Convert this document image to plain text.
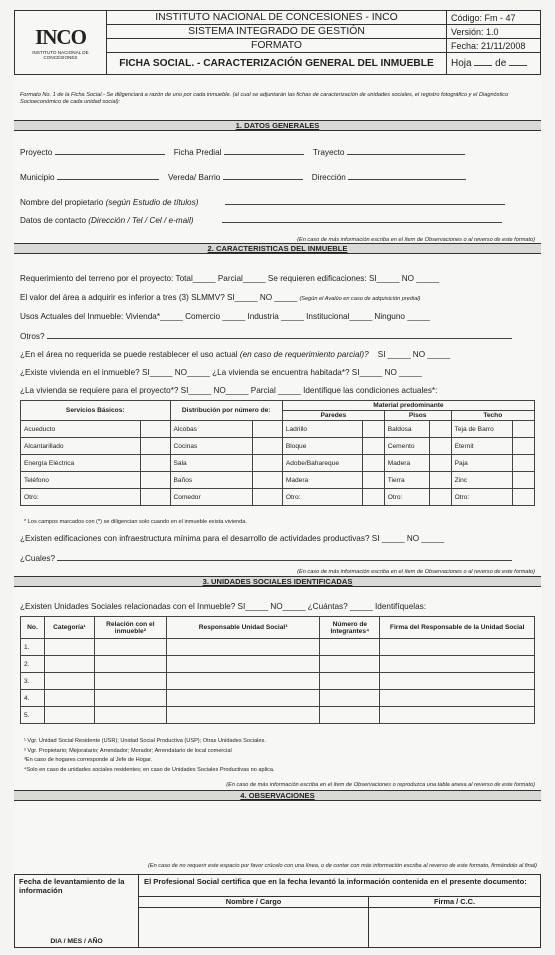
INCO
INSTITUTO NACIONAL DE CONCESIONES	INSTITUTO NACIONAL DE CONCESIONES - INCO	Código: Fm - 47
	SISTEMA INTEGRADO DE GESTIÓN	Versión: 1.0
	FORMATO	Fecha: 21/11/2008
	FICHA SOCIAL. - CARACTERIZACIÓN GENERAL DEL INMUEBLE	Hoja de
Formato No. 1 de la Ficha Social.- Se diligenciará a razón de uno por cada inmueble. (al cual se adjuntarán las fichas de caracterización de unidades sociales, el registro fotográfico y el Diagnóstico Socioeconómico de cada unidad social):
1. DATOS GENERALES
Proyecto	Ficha Predial	Trayecto
Municipio	Vereda/ Barrio	Dirección
Nombre del propietario (según Estudio de títulos)
Datos de contacto (Dirección / Tel / Cel / e-mail)
(En caso de más información escriba en el ítem de Observaciones o al reverso de este formato)
2. CARACTERISTICAS DEL INMUEBLE
Requerimiento del terreno por el proyecto: Total_____ Parcial_____ Se requieren edificaciones: SI_____ NO _____
El valor del área a adquirir es inferior a tres (3) SLMMV? SI_____ NO _____ (Según el Avalúo en caso de adquisición predial)
Usos Actuales del Inmueble: Vivienda*_____ Comercio _____ Industria _____ Institucional_____ Ninguno _____
Otros?
¿En el área no requerida se puede restablecer el uso actual (en caso de requerimiento parcial)? SI _____ NO _____
¿Existe vivienda en el inmueble? SI_____ NO_____ ¿La vivienda se encuentra habitada*? SI_____ NO _____
¿La vivienda se requiere para el proyecto*? SI_____ NO_____ Parcial _____ Identifique las condiciones actuales*:
Servicios Básicos:		Distribución por número de:		Material predominante					
				Paredes		Pisos		Techo	
Acueducto		Alcobas		Ladrillo		Baldosa		Teja de Barro	
Alcantarillado		Cocinas		Bloque		Cemento		Eternit	
Energía Eléctrica		Sala		Adobe/Bahareque		Madera		Paja	
Teléfono		Baños		Madera		Tierra		Zinc	
Otro:		Comedor		Otro:		Otro:		Otro:	
* Los campos marcados con (*) se diligencian solo cuando en el inmueble exista vivienda.
¿Existen edificaciones con infraestructura mínima para el desarrollo de actividades productivas? SI _____ NO _____
¿Cuales?
(En caso de más información escriba en el ítem de Observaciones o al reverso de este formato)
3. UNIDADES SOCIALES IDENTIFICADAS
¿Existen Unidades Sociales relacionadas con el Inmueble? SI_____ NO_____ ¿Cuántas? _____ Identifíquelas:
No.	Categoría¹	Relación con el inmueble²	Responsable Unidad Social³	Número de Integrantes⁴	Firma del Responsable de la Unidad Social
1.					
2.					
3.					
4.					
5.					
¹ Vgr. Unidad Social Residente (USR); Unidad Social Productiva (USP); Otras Unidades Sociales.
² Vgr. Propietario; Mejoratario; Arrendador; Morador; Arrendatario de local comercial
³En caso de hogares corresponde al Jefe de Hogar.
⁴Solo en caso de unidades sociales residentes; en caso de Unidades Sociales Productivas no aplica.
(En caso de más información escriba en el ítem de Observaciones o reproduzca una tabla anexa al reverso de este formato)
4. OBSERVACIONES
(En caso de no requerir este espacio por favor crúcelo con una línea, o de contar con más información escriba al reverso de este formato, firmándolo al final)
Fecha de levantamiento de la información
DIA / MES / AÑO
El Profesional Social certifica que en la fecha levantó la información contenida en el presente documento:
Nombre / Cargo	Firma / C.C.
